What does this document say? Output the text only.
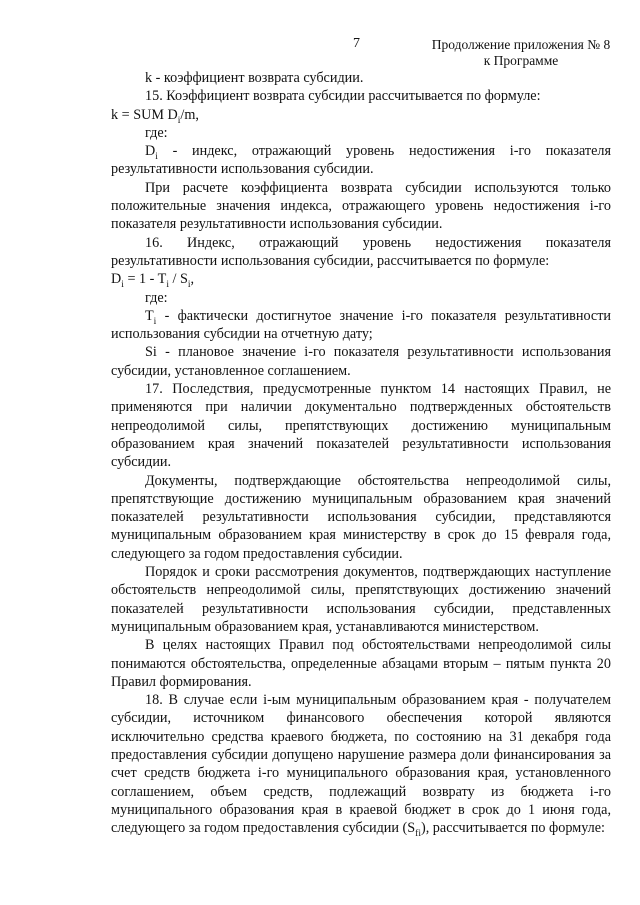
7	Продолжение приложения № 8
к Программе

k - коэффициент возврата субсидии.

15. Коэффициент возврата субсидии рассчитывается по формуле:

k = SUM $D_i/m$,

где:

$D_i$ - индекс, отражающий уровень недостижения i-го показателя результативности использования субсидии.

При расчете коэффициента возврата субсидии используются только положительные значения индекса, отражающего уровень недостижения i-го показателя результативности использования субсидии.

16. Индекс, отражающий уровень недостижения показателя результативности использования субсидии, рассчитывается по формуле:

$D_i = 1 - T_i / S_i$,

где:

$T_i$ - фактически достигнутое значение i-го показателя результативности использования субсидии на отчетную дату;

Si - плановое значение i-го показателя результативности использования субсидии, установленное соглашением.

17. Последствия, предусмотренные пунктом 14 настоящих Правил, не применяются при наличии документально подтвержденных обстоятельств непреодолимой силы, препятствующих достижению муниципальным образованием края значений показателей результативности использования субсидии.

Документы, подтверждающие обстоятельства непреодолимой силы, препятствующие достижению муниципальным образованием края значений показателей результативности использования субсидии, представляются муниципальным образованием края министерству в срок до 15 февраля года, следующего за годом предоставления субсидии.

Порядок и сроки рассмотрения документов, подтверждающих наступление обстоятельств непреодолимой силы, препятствующих достижению значений показателей результативности использования субсидии, представленных муниципальным образованием края, устанавливаются министерством.

В целях настоящих Правил под обстоятельствами непреодолимой силы понимаются обстоятельства, определенные абзацами вторым – пятым пункта 20 Правил формирования.

18. В случае если i-ым муниципальным образованием края - получателем субсидии, источником финансового обеспечения которой являются исключительно средства краевого бюджета, по состоянию на 31 декабря года предоставления субсидии допущено нарушение размера доли финансирования за счет средств бюджета i-го муниципального образования края, установленного соглашением, объем средств, подлежащий возврату из бюджета i-го муниципального образования края в краевой бюджет в срок до 1 июня года, следующего за годом предоставления субсидии $(S_{fi})$, рассчитывается по формуле:
